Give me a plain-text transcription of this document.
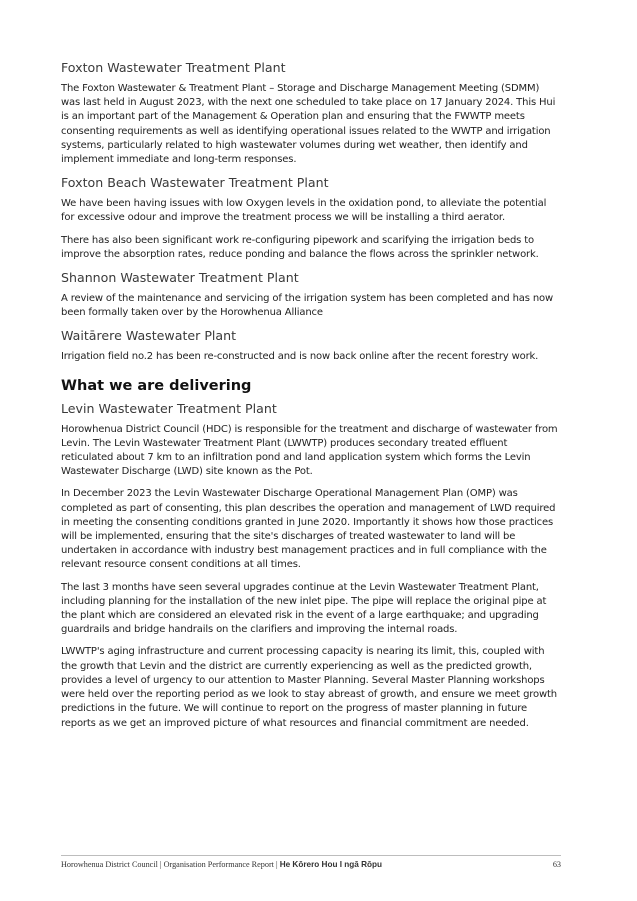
Foxton Wastewater Treatment Plant

The Foxton Wastewater & Treatment Plant – Storage and Discharge Management Meeting (SDMM) was last held in August 2023, with the next one scheduled to take place on 17 January 2024. This Hui is an important part of the Management & Operation plan and ensuring that the FWWTP meets consenting requirements as well as identifying operational issues related to the WWTP and irrigation systems, particularly related to high wastewater volumes during wet weather, then identify and implement immediate and long-term responses.

Foxton Beach Wastewater Treatment Plant

We have been having issues with low Oxygen levels in the oxidation pond, to alleviate the potential for excessive odour and improve the treatment process we will be installing a third aerator.

There has also been significant work re-configuring pipework and scarifying the irrigation beds to improve the absorption rates, reduce ponding and balance the flows across the sprinkler network.

Shannon Wastewater Treatment Plant

A review of the maintenance and servicing of the irrigation system has been completed and has now been formally taken over by the Horowhenua Alliance

Waitārere Wastewater Plant

Irrigation field no.2 has been re-constructed and is now back online after the recent forestry work.

What we are delivering
Levin Wastewater Treatment Plant

Horowhenua District Council (HDC) is responsible for the treatment and discharge of wastewater from Levin. The Levin Wastewater Treatment Plant (LWWTP) produces secondary treated effluent reticulated about 7 km to an infiltration pond and land application system which forms the Levin Wastewater Discharge (LWD) site known as the Pot.

In December 2023 the Levin Wastewater Discharge Operational Management Plan (OMP) was completed as part of consenting, this plan describes the operation and management of LWD required in meeting the consenting conditions granted in June 2020. Importantly it shows how those practices will be implemented, ensuring that the site's discharges of treated wastewater to land will be undertaken in accordance with industry best management practices and in full compliance with the relevant resource consent conditions at all times.

The last 3 months have seen several upgrades continue at the Levin Wastewater Treatment Plant, including planning for the installation of the new inlet pipe. The pipe will replace the original pipe at the plant which are considered an elevated risk in the event of a large earthquake; and upgrading guardrails and bridge handrails on the clarifiers and improving the internal roads.

LWWTP's aging infrastructure and current processing capacity is nearing its limit, this, coupled with the growth that Levin and the district are currently experiencing as well as the predicted growth, provides a level of urgency to our attention to Master Planning. Several Master Planning workshops were held over the reporting period as we look to stay abreast of growth, and ensure we meet growth predictions in the future. We will continue to report on the progress of master planning in future reports as we get an improved picture of what resources and financial commitment are needed.

Horowhenua District Council | Organisation Performance Report | He Kōrero Hou I ngā Rōpu	63
